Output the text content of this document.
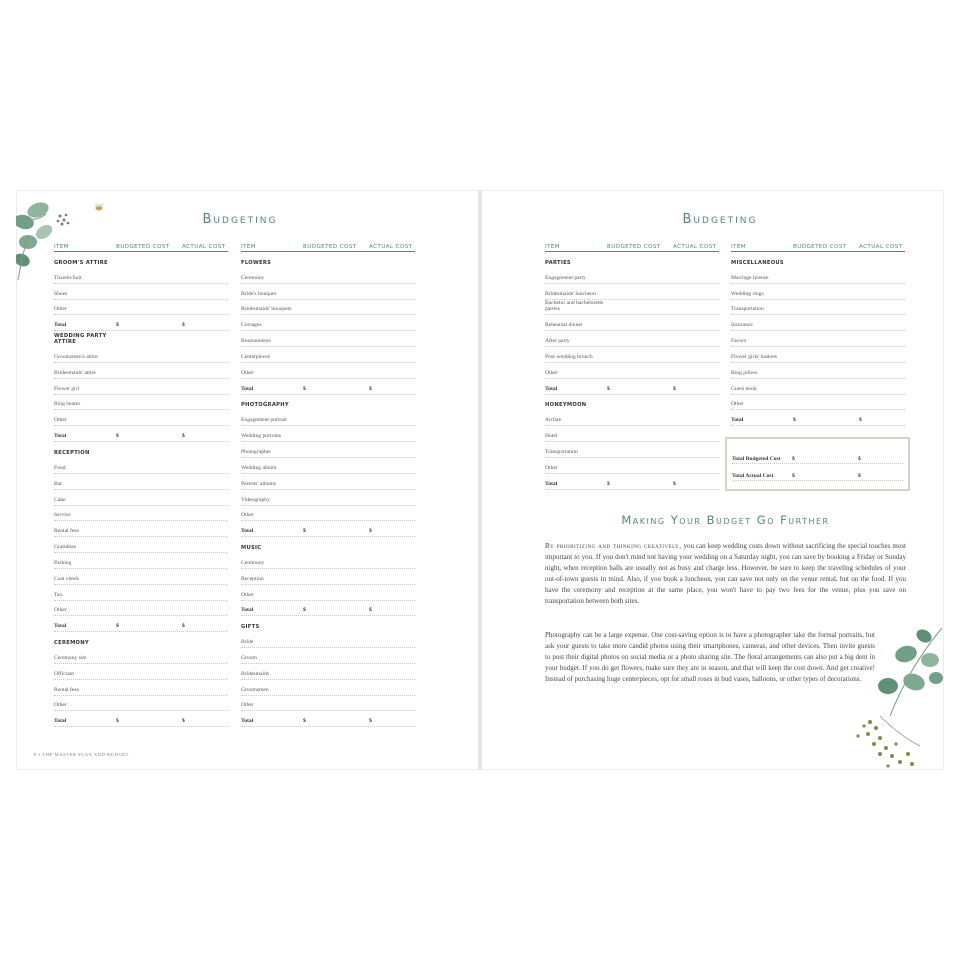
Budgeting	Budgeting
ITEM	BUDGETED COST	ACTUAL COST
GROOM'S ATTIRE
Tuxedo/Suit
Shoes
Other
Total	$	$
WEDDING PARTY ATTIRE
Groomsmen's attire
Bridesmaids' attire
Flower girl
Ring bearer
Other
Total	$	$
RECEPTION
Food
Bar
Cake
Service
Rental fees
Gratuities
Parking
Coat check
Tax
Other
Total	$	$
CEREMONY
Ceremony site
Officiant
Rental fees
Other
Total	$	$
ITEM	BUDGETED COST	ACTUAL COST
FLOWERS
Ceremony
Bride's bouquet
Bridesmaids' bouquets
Corsages
Boutonnieres
Centerpieces
Other
Total	$	$
PHOTOGRAPHY
Engagement portrait
Wedding portraits
Photographer
Wedding album
Parents' albums
Videography
Other
Total	$	$
MUSIC
Ceremony
Reception
Other
Total	$	$
GIFTS
Bride
Groom
Bridesmaids
Groomsmen
Other
Total	$	$
ITEM	BUDGETED COST	ACTUAL COST
PARTIES
Engagement party
Bridesmaids' luncheon
Bachelor and bachelorette parties
Rehearsal dinner
After party
Post-wedding brunch
Other
Total	$	$
HONEYMOON
Airfare
Hotel
Transportation
Other
Total	$	$
ITEM	BUDGETED COST	ACTUAL COST
MISCELLANEOUS
Marriage license
Wedding rings
Transportation
Insurance
Favors
Flower girls' baskets
Ring pillow
Guest book
Other
Total	$	$
Total Budgeted Cost	$	$
Total Actual Cost	$	$
Making Your Budget Go Further
By prioritizing and thinking creatively, you can keep wedding costs down without sacrificing the special touches most important to you. If you don't mind not having your wedding on a Saturday night, you can save by booking a Friday or Sunday night, when reception halls are usually not as busy and charge less. However, be sure to keep the traveling schedules of your out-of-town guests in mind. Also, if you book a luncheon, you can save not only on the venue rental, but on the food. If you have the ceremony and reception at the same place, you won't have to pay two fees for the venue, plus you save on transportation between both sites.
Photography can be a large expense. One cost-saving option is to have a photographer take the formal portraits, but ask your guests to take more candid photos using their smartphones, cameras, and other devices. Then invite guests to post their digital photos on social media or a photo sharing site. The floral arrangements can also put a big dent in your budget. If you do get flowers, make sure they are in season, and that will keep the cost down. And get creative! Instead of purchasing huge centerpieces, opt for small roses in bud vases, balloons, or other types of decorations.
8 • THE MASTER PLAN AND BUDGET
